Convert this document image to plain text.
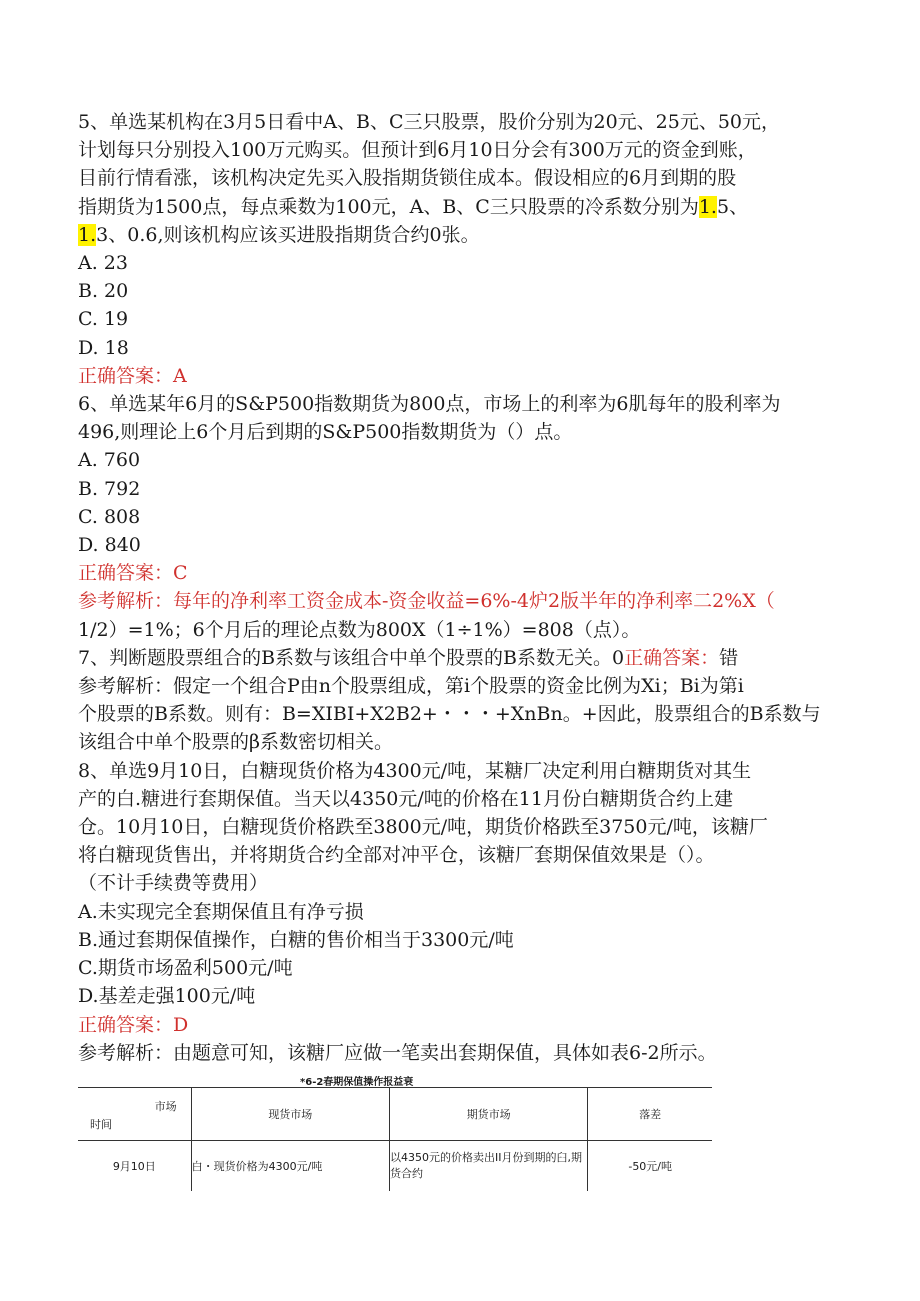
5、单选某机构在3月5日看中A、B、C三只股票，股价分别为20元、25元、50元，
计划每只分别投入100万元购买。但预计到6月10日分会有300万元的资金到账，
目前行情看涨，该机构决定先买入股指期货锁住成本。假设相应的6月到期的股
指期货为1500点，每点乘数为100元，A、B、C三只股票的冷系数分别为1.5、
1.3、0.6,则该机构应该买进股指期货合约0张。
A. 23
B. 20
C. 19
D. 18
正确答案：A
6、单选某年6月的S&P500指数期货为800点，市场上的利率为6肌每年的股利率为
496,则理论上6个月后到期的S&P500指数期货为（）点。
A. 760
B. 792
C. 808
D. 840
正确答案：C
参考解析：每年的净利率工资金成本-资金收益=6%-4炉2版半年的净利率二2%X（
1/2）=1%；6个月后的理论点数为800X（1÷1%）=808（点）。
7、判断题股票组合的B系数与该组合中单个股票的B系数无关。0正确答案：错
参考解析：假定一个组合P由n个股票组成，第i个股票的资金比例为Xi；Bi为第i
个股票的B系数。则有：B=XIBI+X2B2+・・・+XnBn。+因此，股票组合的B系数与
该组合中单个股票的β系数密切相关。
8、单选9月10日，白糖现货价格为4300元/吨，某糖厂决定利用白糖期货对其生
产的白.糖进行套期保值。当天以4350元/吨的价格在11月份白糖期货合约上建
仓。10月10日，白糖现货价格跌至3800元/吨，期货价格跌至3750元/吨，该糖厂
将白糖现货售出，并将期货合约全部对冲平仓，该糖厂套期保值效果是（）。
（不计手续费等费用）
A.未实现完全套期保值且有净亏损
B.通过套期保值操作，白糖的售价相当于3300元/吨
C.期货市场盈利500元/吨
D.基差走强100元/吨
正确答案：D
参考解析：由题意可知，该糖厂应做一笔卖出套期保值，具体如表6-2所示。
*6-2春期保值操作报益衰
市场
时间	现货市场	期货市场	落差
9月10日	白・现货价格为4300元/吨	以4350元的价格卖出II月份到期的臼,期货合约	-50元/吨
